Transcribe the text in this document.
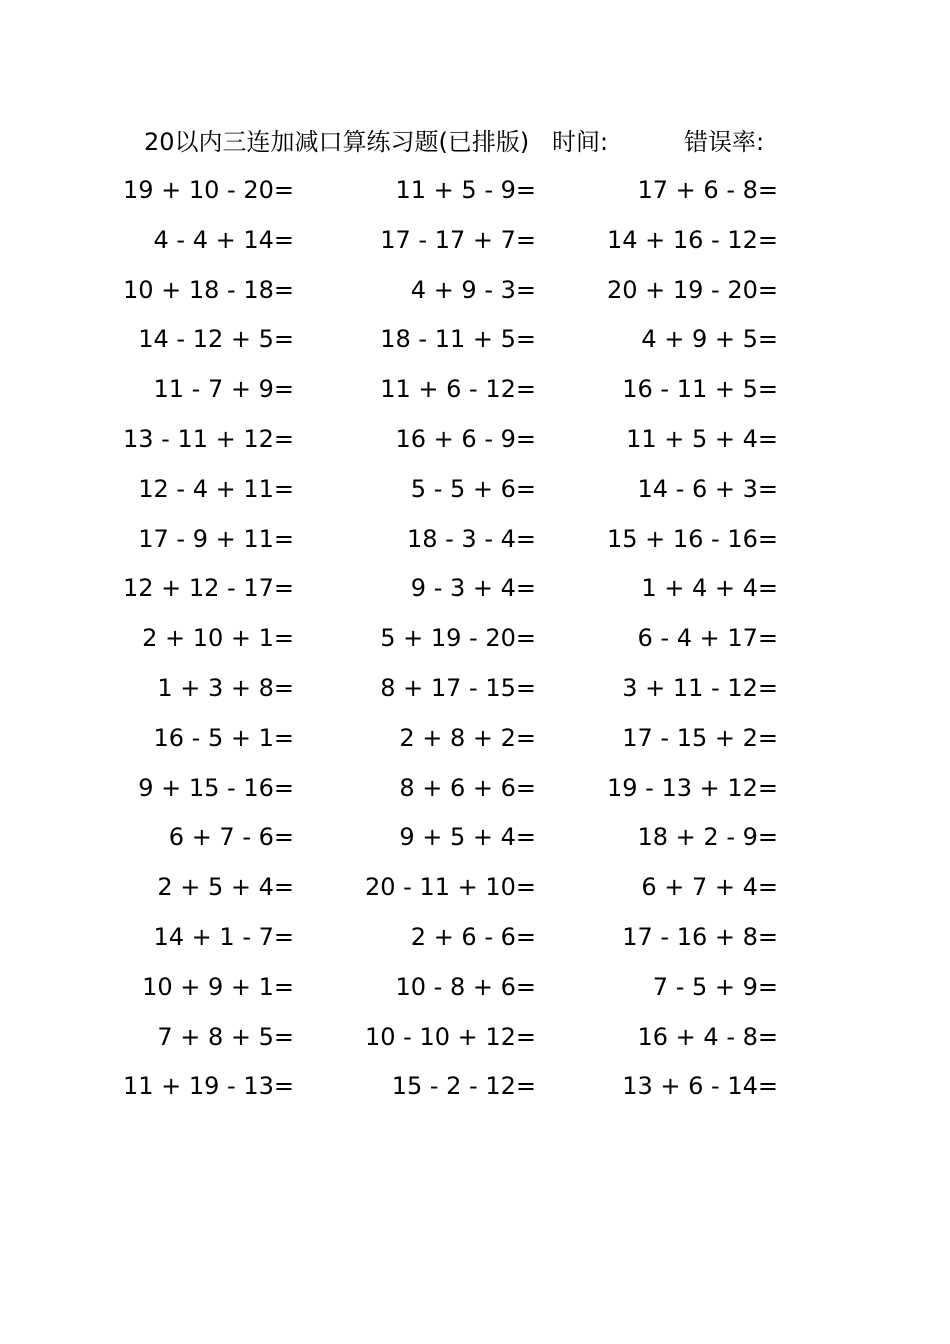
20以内三连加减口算练习题(已排版) 时间:	错误率:
19 + 10 - 20=	11 + 5 - 9=	17 + 6 - 8=
4 - 4 + 14=	17 - 17 + 7=	14 + 16 - 12=
10 + 18 - 18=	4 + 9 - 3=	20 + 19 - 20=
14 - 12 + 5=	18 - 11 + 5=	4 + 9 + 5=
11 - 7 + 9=	11 + 6 - 12=	16 - 11 + 5=
13 - 11 + 12=	16 + 6 - 9=	11 + 5 + 4=
12 - 4 + 11=	5 - 5 + 6=	14 - 6 + 3=
17 - 9 + 11=	18 - 3 - 4=	15 + 16 - 16=
12 + 12 - 17=	9 - 3 + 4=	1 + 4 + 4=
2 + 10 + 1=	5 + 19 - 20=	6 - 4 + 17=
1 + 3 + 8=	8 + 17 - 15=	3 + 11 - 12=
16 - 5 + 1=	2 + 8 + 2=	17 - 15 + 2=
9 + 15 - 16=	8 + 6 + 6=	19 - 13 + 12=
6 + 7 - 6=	9 + 5 + 4=	18 + 2 - 9=
2 + 5 + 4=	20 - 11 + 10=	6 + 7 + 4=
14 + 1 - 7=	2 + 6 - 6=	17 - 16 + 8=
10 + 9 + 1=	10 - 8 + 6=	7 - 5 + 9=
7 + 8 + 5=	10 - 10 + 12=	16 + 4 - 8=
11 + 19 - 13=	15 - 2 - 12=	13 + 6 - 14=
